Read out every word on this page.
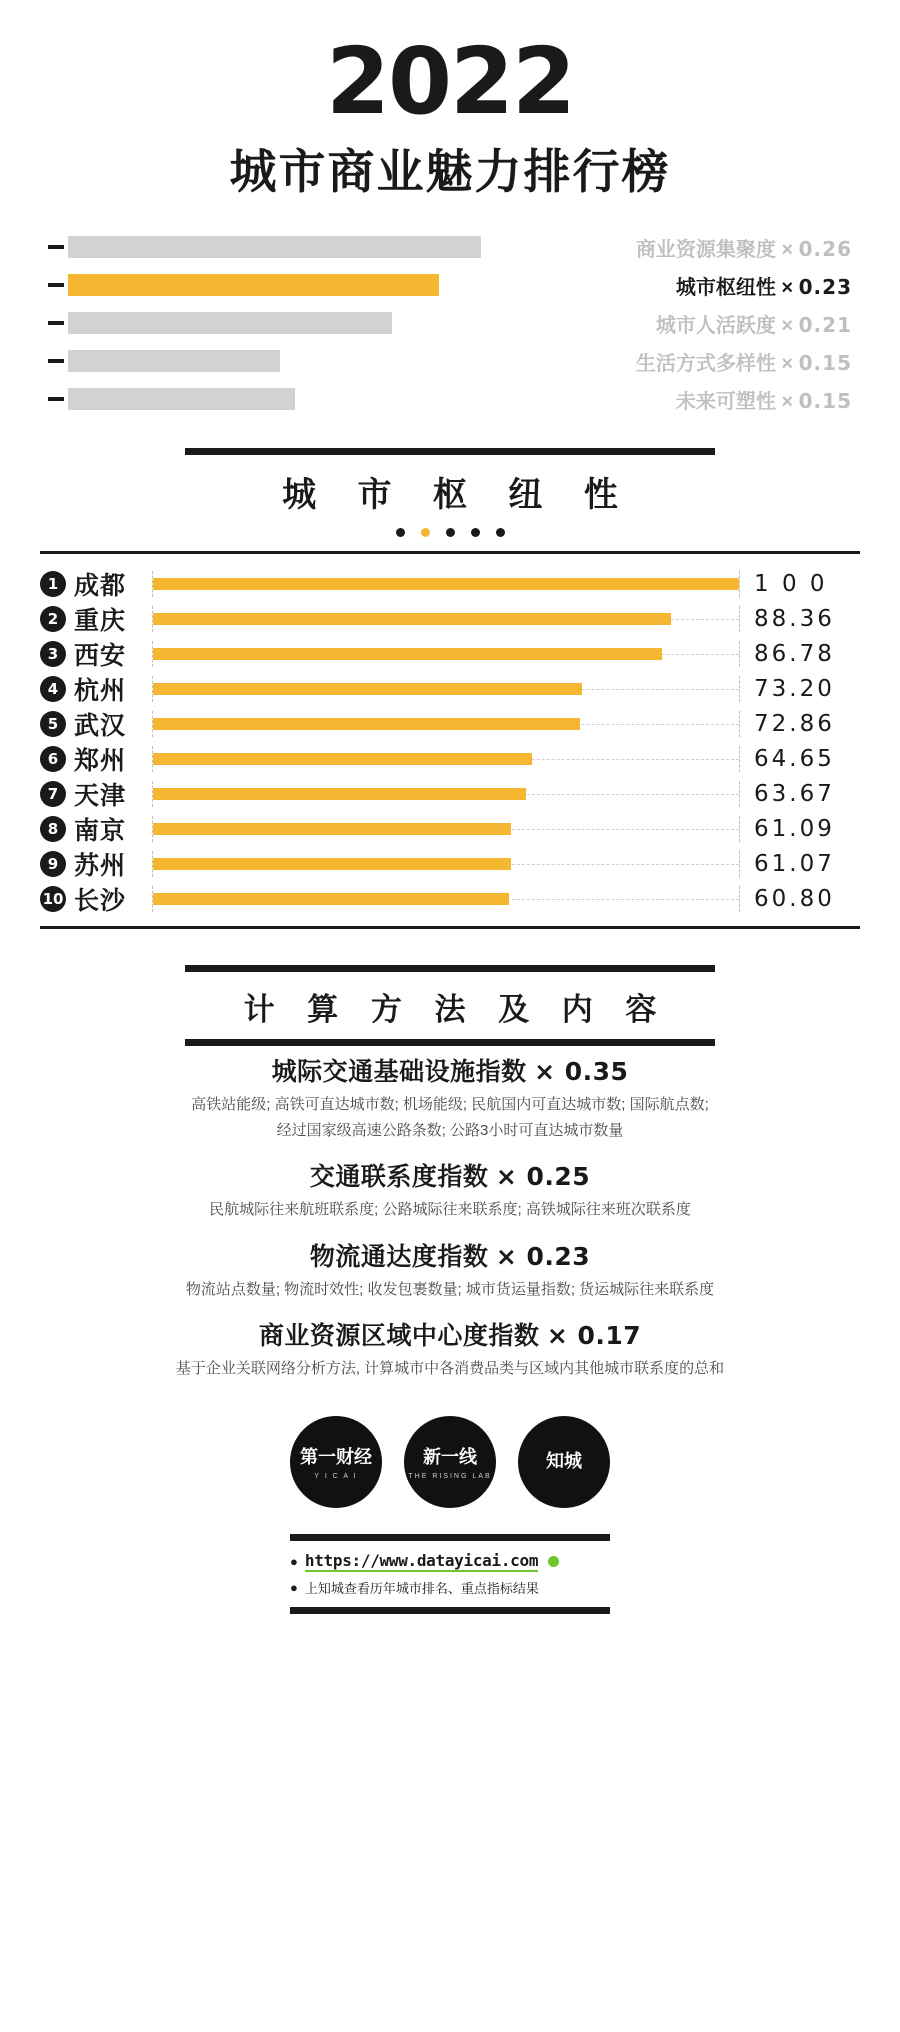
2022
城市商业魅力排行榜
商业资源集聚度 × 0.26
城市枢纽性 × 0.23
城市人活跃度 × 0.21
生活方式多样性 × 0.15
未来可塑性 × 0.15
城 市 枢 纽 性
1 成都	1 0 0
2 重庆	88.36
3 西安	86.78
4 杭州	73.20
5 武汉	72.86
6 郑州	64.65
7 天津	63.67
8 南京	61.09
9 苏州	61.07
10 长沙	60.80
计 算 方 法 及 内 容
城际交通基础设施指数 × 0.35
高铁站能级; 高铁可直达城市数; 机场能级; 民航国内可直达城市数; 国际航点数;
经过国家级高速公路条数; 公路3小时可直达城市数量
交通联系度指数 × 0.25
民航城际往来航班联系度; 公路城际往来联系度; 高铁城际往来班次联系度
物流通达度指数 × 0.23
物流站点数量; 物流时效性; 收发包裹数量; 城市货运量指数; 货运城际往来联系度
商业资源区域中心度指数 × 0.17
基于企业关联网络分析方法, 计算城市中各消费品类与区域内其他城市联系度的总和
第一财经
Y I C A I
新一线
THE RISING LAB
知城
● https://www.datayicai.com
● 上知城查看历年城市排名、重点指标结果
